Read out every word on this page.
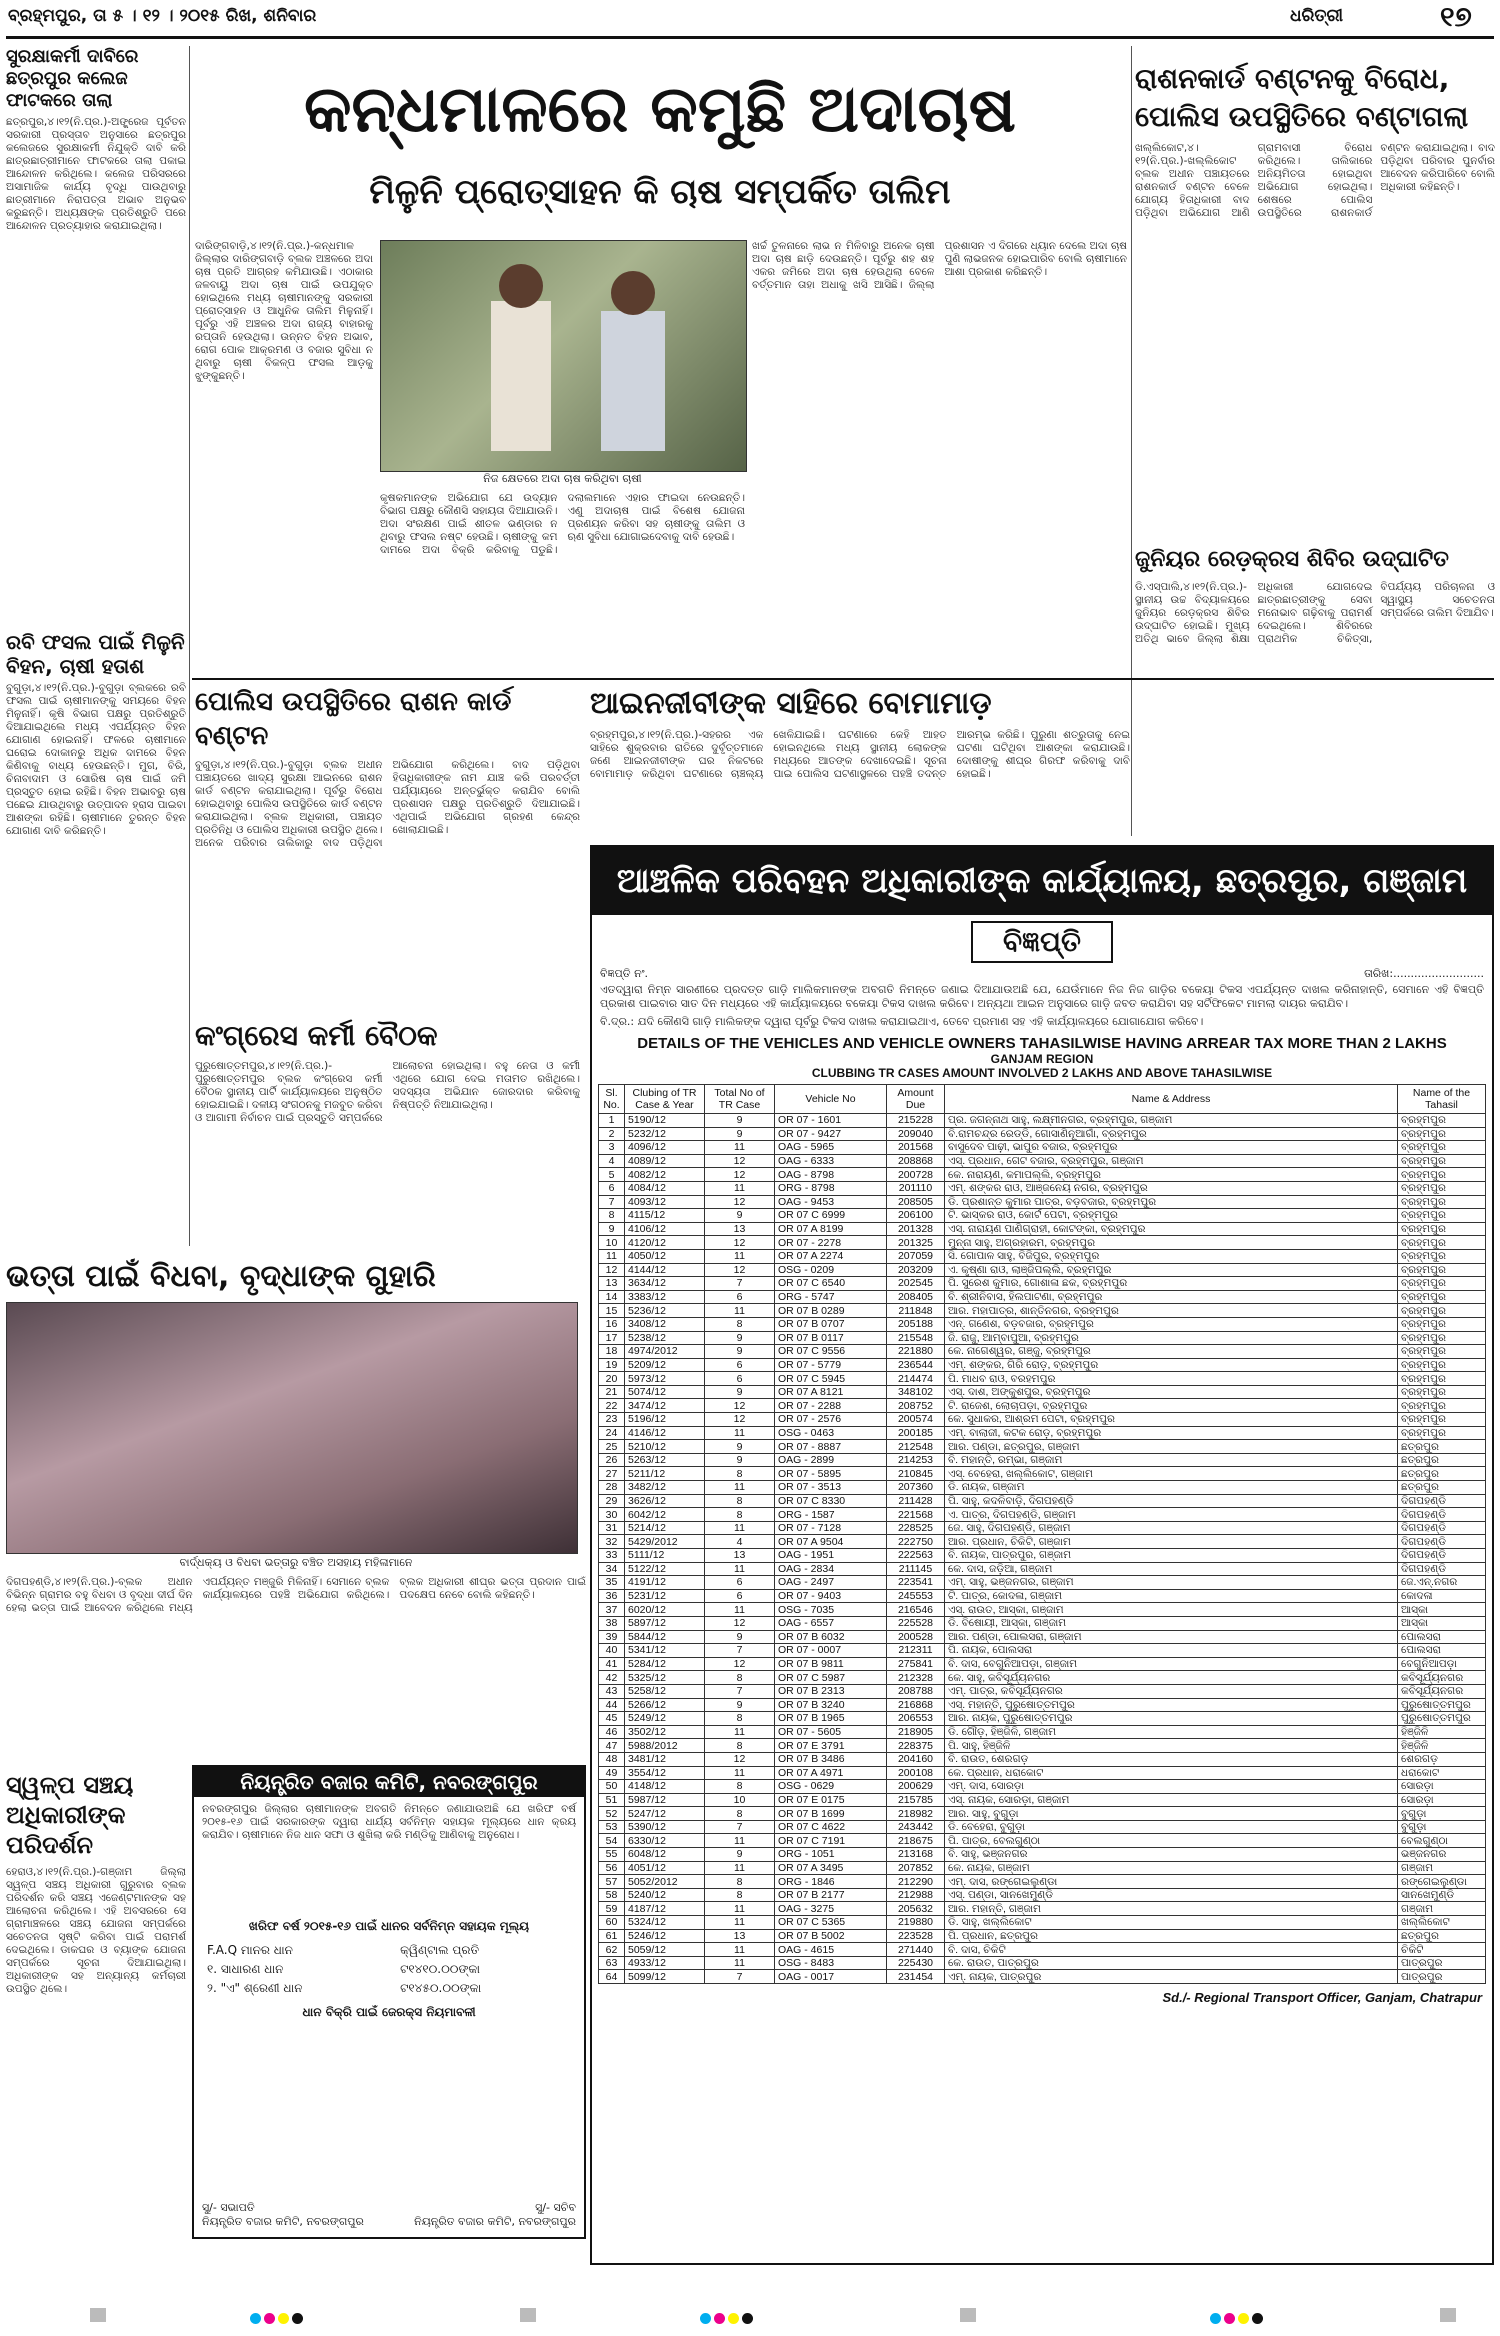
ବ୍ରହ୍ମପୁର, ତା ୫ । ୧୨ । ୨୦୧୫ ରିଖ, ଶନିବାର	ଧରିତ୍ରୀ	୧୭
ସୁରକ୍ଷାକର୍ମୀ ଦାବିରେ ଛତ୍ରପୁର କଲେଜ ଫାଟକରେ ତାଲା
ଛତ୍ରପୁର,୪।୧୨(ନି.ପ୍ର.)-ଅଙ୍ଗ୍ରେଜ ପୂର୍ବତନ ସରକାରୀ ପ୍ରସ୍ତାବ ଅନୁସାରେ ଛତ୍ରପୁର କଲେଜରେ ସୁରକ୍ଷାକର୍ମୀ ନିଯୁକ୍ତି ଦାବି କରି ଛାତ୍ରଛାତ୍ରୀମାନେ ଫାଟକରେ ତାଲା ପକାଇ ଆନ୍ଦୋଳନ କରିଥିଲେ। କଲେଜ ପରିସରରେ ଅସାମାଜିକ କାର୍ଯ୍ୟ ବୃଦ୍ଧି ପାଉଥିବାରୁ ଛାତ୍ରୀମାନେ ନିରାପତ୍ତା ଅଭାବ ଅନୁଭବ କରୁଛନ୍ତି। ଅଧ୍ୟକ୍ଷଙ୍କ ପ୍ରତିଶ୍ରୁତି ପରେ ଆନ୍ଦୋଳନ ପ୍ରତ୍ୟାହାର କରାଯାଇଥିଲା।
ରବି ଫସଲ ପାଇଁ ମିଳୁନି ବିହନ, ଚାଷୀ ହତାଶ
ବୁଗୁଡ଼ା,୪।୧୨(ନି.ପ୍ର.)-ବୁଗୁଡ଼ା ବ୍ଲକରେ ରବି ଫସଲ ପାଇଁ ଚାଷୀମାନଙ୍କୁ ସମୟରେ ବିହନ ମିଳୁନାହିଁ। କୃଷି ବିଭାଗ ପକ୍ଷରୁ ପ୍ରତିଶ୍ରୁତି ଦିଆଯାଇଥିଲେ ମଧ୍ୟ ଏପର୍ଯ୍ୟନ୍ତ ବିହନ ଯୋଗାଣ ହୋଇନାହିଁ। ଫଳରେ ଚାଷୀମାନେ ଘରୋଇ ଦୋକାନରୁ ଅଧିକ ଦାମରେ ବିହନ କିଣିବାକୁ ବାଧ୍ୟ ହେଉଛନ୍ତି। ମୁଗ, ବିରି, ଚିନାବାଦାମ ଓ ସୋରିଷ ଚାଷ ପାଇଁ ଜମି ପ୍ରସ୍ତୁତ ହୋଇ ରହିଛି। ବିହନ ଅଭାବରୁ ଚାଷ ପଛେଇ ଯାଉଥିବାରୁ ଉତ୍ପାଦନ ହ୍ରାସ ପାଇବା ଆଶଙ୍କା ରହିଛି। ଚାଷୀମାନେ ତୁରନ୍ତ ବିହନ ଯୋଗାଣ ଦାବି କରିଛନ୍ତି।
ଭତ୍ତା ପାଇଁ ବିଧବା, ବୃଦ୍ଧାଙ୍କ ଗୁହାରି
ବାର୍ଦ୍ଧକ୍ୟ ଓ ବିଧବା ଭତ୍ତାରୁ ବଞ୍ଚିତ ଅସହାୟ ମହିଳାମାନେ
ଦିଗପହଣ୍ଡି,୪।୧୨(ନି.ପ୍ର.)-ବ୍ଲକ ଅଧୀନ ବିଭିନ୍ନ ଗ୍ରାମର ବହୁ ବିଧବା ଓ ବୃଦ୍ଧା ଦୀର୍ଘ ଦିନ ହେଲା ଭତ୍ତା ପାଇଁ ଆବେଦନ କରିଥିଲେ ମଧ୍ୟ ଏପର୍ଯ୍ୟନ୍ତ ମଞ୍ଜୁରି ମିଳିନାହିଁ। ସେମାନେ ବ୍ଲକ କାର୍ଯ୍ୟାଳୟରେ ପହଞ୍ଚି ଅଭିଯୋଗ କରିଥିଲେ। ବ୍ଲକ ଅଧିକାରୀ ଶୀଘ୍ର ଭତ୍ତା ପ୍ରଦାନ ପାଇଁ ପଦକ୍ଷେପ ନେବେ ବୋଲି କହିଛନ୍ତି।
ସ୍ୱଳ୍ପ ସଞ୍ଚୟ ଅଧିକାରୀଙ୍କ ପରିଦର୍ଶନ
ହେରାଓ,୪।୧୨(ନି.ପ୍ର.)-ଗଞ୍ଜାମ ଜିଲ୍ଲା ସ୍ୱଳ୍ପ ସଞ୍ଚୟ ଅଧିକାରୀ ଗୁରୁବାର ବ୍ଲକ ପରିଦର୍ଶନ କରି ସଞ୍ଚୟ ଏଜେଣ୍ଟମାନଙ୍କ ସହ ଆଲୋଚନା କରିଥିଲେ। ଏହି ଅବସରରେ ସେ ଗ୍ରାମାଞ୍ଚଳରେ ସଞ୍ଚୟ ଯୋଜନା ସମ୍ପର୍କରେ ସଚେତନତା ସୃଷ୍ଟି କରିବା ପାଇଁ ପରାମର୍ଶ ଦେଇଥିଲେ। ଡାକଘର ଓ ବ୍ୟାଙ୍କ ଯୋଜନା ସମ୍ପର୍କରେ ସୂଚନା ଦିଆଯାଇଥିଲା। ଅଧିକାରୀଙ୍କ ସହ ଅନ୍ୟାନ୍ୟ କର୍ମଚାରୀ ଉପସ୍ଥିତ ଥିଲେ।
ନିୟନ୍ତ୍ରିତ ବଜାର କମିଟି, ନବରଙ୍ଗପୁର
ନବରଙ୍ଗପୁର ଜିଲ୍ଲାର ଚାଷୀମାନଙ୍କ ଅବଗତି ନିମନ୍ତେ ଜଣାଯାଉଅଛି ଯେ ଖରିଫ ବର୍ଷ ୨୦୧୫-୧୬ ପାଇଁ ସରକାରଙ୍କ ଦ୍ୱାରା ଧାର୍ଯ୍ୟ ସର୍ବନିମ୍ନ ସହାୟକ ମୂଲ୍ୟରେ ଧାନ କ୍ରୟ କରାଯିବ। ଚାଷୀମାନେ ନିଜ ଧାନ ସଫା ଓ ଶୁଖିଲା କରି ମଣ୍ଡିକୁ ଆଣିବାକୁ ଅନୁରୋଧ।
ଖରିଫ ବର୍ଷ ୨୦୧୫-୧୬ ପାଇଁ ଧାନର ସର୍ବନିମ୍ନ ସହାୟକ ମୂଲ୍ୟ
F.A.Q ମାନର ଧାନ	କ୍ୱିଣ୍ଟାଲ ପ୍ରତି
୧. ସାଧାରଣ ଧାନ	ଟ୧୪୧୦.୦୦ଙ୍କା
୨. "ଏ" ଶ୍ରେଣୀ ଧାନ	ଟ୧୪୫୦.୦୦ଙ୍କା
ଧାନ ବିକ୍ରି ପାଇଁ ଜେରକ୍ସ ନିୟମାବଳୀ
ସୁ/- ସଭାପତି
ନିୟନ୍ତ୍ରିତ ବଜାର କମିଟି, ନବରଙ୍ଗପୁର
ସୁ/- ସଚିବ
ନିୟନ୍ତ୍ରିତ ବଜାର କମିଟି, ନବରଙ୍ଗପୁର
କନ୍ଧମାଳରେ କମୁଛି ଅଦାଚାଷ
ମିଳୁନି ପ୍ରୋତ୍ସାହନ କି ଚାଷ ସମ୍ପର୍କିତ ତାଲିମ
ନିଜ କ୍ଷେତରେ ଅଦା ଚାଷ କରିଥିବା ଚାଷୀ
ଦାରିଙ୍ଗବାଡ଼ି,୪।୧୨(ନି.ପ୍ର.)-କନ୍ଧମାଳ ଜିଲ୍ଲାର ଦାରିଙ୍ଗବାଡ଼ି ବ୍ଲକ ଅଞ୍ଚଳରେ ଅଦା ଚାଷ ପ୍ରତି ଆଗ୍ରହ କମିଯାଉଛି। ଏଠାକାର ଜଳବାୟୁ ଅଦା ଚାଷ ପାଇଁ ଉପଯୁକ୍ତ ହୋଇଥିଲେ ମଧ୍ୟ ଚାଷୀମାନଙ୍କୁ ସରକାରୀ ପ୍ରୋତ୍ସାହନ ଓ ଆଧୁନିକ ତାଲିମ ମିଳୁନାହିଁ। ପୂର୍ବରୁ ଏହି ଅଞ୍ଚଳର ଅଦା ରାଜ୍ୟ ବାହାରକୁ ରପ୍ତାନି ହେଉଥିଲା। ଉନ୍ନତ ବିହନ ଅଭାବ, ରୋଗ ପୋକ ଆକ୍ରମଣ ଓ ବଜାର ସୁବିଧା ନ ଥିବାରୁ ଚାଷୀ ବିକଳ୍ପ ଫସଲ ଆଡ଼କୁ ଝୁଙ୍କୁଛନ୍ତି।
କୃଷକମାନଙ୍କ ଅଭିଯୋଗ ଯେ ଉଦ୍ୟାନ ବିଭାଗ ପକ୍ଷରୁ କୌଣସି ସହାୟତା ଦିଆଯାଉନି। ଅଦା ସଂରକ୍ଷଣ ପାଇଁ ଶୀତଳ ଭଣ୍ଡାର ନ ଥିବାରୁ ଫସଲ ନଷ୍ଟ ହେଉଛି। ଚାଷୀଙ୍କୁ କମ ଦାମରେ ଅଦା ବିକ୍ରି କରିବାକୁ ପଡୁଛି। ଦଲାଲମାନେ ଏହାର ଫାଇଦା ନେଉଛନ୍ତି। ଏଣୁ ଅଦାଚାଷ ପାଇଁ ବିଶେଷ ଯୋଜନା ପ୍ରଣୟନ କରିବା ସହ ଚାଷୀଙ୍କୁ ତାଲିମ ଓ ଋଣ ସୁବିଧା ଯୋଗାଇଦେବାକୁ ଦାବି ହେଉଛି।
ଖର୍ଚ୍ଚ ତୁଳନାରେ ଲାଭ ନ ମିଳିବାରୁ ଅନେକ ଚାଷୀ ଅଦା ଚାଷ ଛାଡ଼ି ଦେଉଛନ୍ତି। ପୂର୍ବରୁ ଶହ ଶହ ଏକର ଜମିରେ ଅଦା ଚାଷ ହେଉଥିଲା ବେଳେ ବର୍ତ୍ତମାନ ତାହା ଅଧାକୁ ଖସି ଆସିଛି। ଜିଲ୍ଲା ପ୍ରଶାସନ ଏ ଦିଗରେ ଧ୍ୟାନ ଦେଲେ ଅଦା ଚାଷ ପୁଣି ଲାଭଜନକ ହୋଇପାରିବ ବୋଲି ଚାଷୀମାନେ ଆଶା ପ୍ରକାଶ କରିଛନ୍ତି।
ରାଶନକାର୍ଡ ବଣ୍ଟନକୁ ବିରୋଧ, ପୋଲିସ ଉପସ୍ଥିତିରେ ବଣ୍ଟାଗଲା
ଖଲ୍ଲିକୋଟ,୪।୧୨(ନି.ପ୍ର.)-ଖଲ୍ଲିକୋଟ ବ୍ଲକ ଅଧୀନ ପଞ୍ଚାୟତରେ ରାଶନକାର୍ଡ ବଣ୍ଟନ ବେଳେ ଯୋଗ୍ୟ ହିତାଧିକାରୀ ବାଦ ପଡ଼ିଥିବା ଅଭିଯୋଗ ଆଣି ଗ୍ରାମବାସୀ ବିରୋଧ କରିଥିଲେ। ତାଲିକାରେ ଅନିୟମିତତା ହୋଇଥିବା ଅଭିଯୋଗ ହୋଇଥିଲା। ଶେଷରେ ପୋଲିସ ଉପସ୍ଥିତିରେ ରାଶନକାର୍ଡ ବଣ୍ଟନ କରାଯାଇଥିଲା। ବାଦ ପଡ଼ିଥିବା ପରିବାର ପୁନର୍ବାର ଆବେଦନ କରିପାରିବେ ବୋଲି ଅଧିକାରୀ କହିଛନ୍ତି।
ଜୁନିୟର ରେଡ଼କ୍ରସ ଶିବିର ଉଦ୍‌ଘାଟିତ
ଡି.ଏସ୍‌ପାଲି,୪।୧୨(ନି.ପ୍ର.)-ସ୍ଥାନୀୟ ଉଚ୍ଚ ବିଦ୍ୟାଳୟରେ ଜୁନିୟର ରେଡ଼କ୍ରସ ଶିବିର ଉଦ୍‌ଘାଟିତ ହୋଇଛି। ମୁଖ୍ୟ ଅତିଥି ଭାବେ ଜିଲ୍ଲା ଶିକ୍ଷା ଅଧିକାରୀ ଯୋଗଦେଇ ଛାତ୍ରଛାତ୍ରୀଙ୍କୁ ସେବା ମନୋଭାବ ଗଢ଼ିବାକୁ ପରାମର୍ଶ ଦେଇଥିଲେ। ଶିବିରରେ ପ୍ରାଥମିକ ଚିକିତ୍ସା, ବିପର୍ଯ୍ୟୟ ପରିଚାଳନା ଓ ସ୍ୱାସ୍ଥ୍ୟ ସଚେତନତା ସମ୍ପର୍କରେ ତାଲିମ ଦିଆଯିବ।
ପୋଲିସ ଉପସ୍ଥିତିରେ ରାଶନ କାର୍ଡ ବଣ୍ଟନ
ବୁଗୁଡ଼ା,୪।୧୨(ନି.ପ୍ର.)-ବୁଗୁଡ଼ା ବ୍ଲକ ଅଧୀନ ପଞ୍ଚାୟତରେ ଖାଦ୍ୟ ସୁରକ୍ଷା ଆଇନରେ ରାଶନ କାର୍ଡ ବଣ୍ଟନ କରାଯାଇଥିଲା। ପୂର୍ବରୁ ବିରୋଧ ହୋଇଥିବାରୁ ପୋଲିସ ଉପସ୍ଥିତିରେ କାର୍ଡ ବଣ୍ଟନ କରାଯାଇଥିଲା। ବ୍ଲକ ଅଧିକାରୀ, ପଞ୍ଚାୟତ ପ୍ରତିନିଧି ଓ ପୋଲିସ ଅଧିକାରୀ ଉପସ୍ଥିତ ଥିଲେ। ଅନେକ ପରିବାର ତାଲିକାରୁ ବାଦ ପଡ଼ିଥିବା ଅଭିଯୋଗ କରିଥିଲେ। ବାଦ ପଡ଼ିଥିବା ହିତାଧିକାରୀଙ୍କ ନାମ ଯାଞ୍ଚ କରି ପରବର୍ତ୍ତୀ ପର୍ଯ୍ୟାୟରେ ଅନ୍ତର୍ଭୁକ୍ତ କରାଯିବ ବୋଲି ପ୍ରଶାସନ ପକ୍ଷରୁ ପ୍ରତିଶ୍ରୁତି ଦିଆଯାଇଛି। ଏଥିପାଇଁ ଅଭିଯୋଗ ଗ୍ରହଣ କେନ୍ଦ୍ର ଖୋଲାଯାଇଛି।
ଆଇନଜୀବୀଙ୍କ ସାହିରେ ବୋମାମାଡ଼
ବ୍ରହ୍ମପୁର,୪।୧୨(ନି.ପ୍ର.)-ସହରର ଏକ ସାହିରେ ଶୁକ୍ରବାର ରାତିରେ ଦୁର୍ବୃତ୍ତମାନେ ଜଣେ ଆଇନଜୀବୀଙ୍କ ଘର ନିକଟରେ ବୋମାମାଡ଼ କରିଥିବା ଘଟଣାରେ ଚାଞ୍ଚଲ୍ୟ ଖେଳିଯାଇଛି। ଘଟଣାରେ କେହି ଆହତ ହୋଇନଥିଲେ ମଧ୍ୟ ସ୍ଥାନୀୟ ଲୋକଙ୍କ ମଧ୍ୟରେ ଆତଙ୍କ ଦେଖାଦେଇଛି। ସୂଚନା ପାଇ ପୋଲିସ ଘଟଣାସ୍ଥଳରେ ପହଞ୍ଚି ତଦନ୍ତ ଆରମ୍ଭ କରିଛି। ପୁରୁଣା ଶତ୍ରୁତାକୁ ନେଇ ଘଟଣା ଘଟିଥିବା ଆଶଙ୍କା କରାଯାଉଛି। ଦୋଷୀଙ୍କୁ ଶୀଘ୍ର ଗିରଫ କରିବାକୁ ଦାବି ହୋଇଛି।
କଂଗ୍ରେସ କର୍ମୀ ବୈଠକ
ପୁରୁଷୋତ୍ତମପୁର,୪।୧୨(ନି.ପ୍ର.)-ପୁରୁଷୋତ୍ତମପୁର ବ୍ଲକ କଂଗ୍ରେସ କର୍ମୀ ବୈଠକ ସ୍ଥାନୀୟ ପାର୍ଟି କାର୍ଯ୍ୟାଳୟରେ ଅନୁଷ୍ଠିତ ହୋଇଯାଇଛି। ଦଳୀୟ ସଂଗଠନକୁ ମଜବୁତ କରିବା ଓ ଆଗାମୀ ନିର୍ବାଚନ ପାଇଁ ପ୍ରସ୍ତୁତି ସମ୍ପର୍କରେ ଆଲୋଚନା ହୋଇଥିଲା। ବହୁ ନେତା ଓ କର୍ମୀ ଏଥିରେ ଯୋଗ ଦେଇ ମତାମତ ରଖିଥିଲେ। ସଦସ୍ୟତା ଅଭିଯାନ ଜୋରଦାର କରିବାକୁ ନିଷ୍ପତ୍ତି ନିଆଯାଇଥିଲା।
ଆଞ୍ଚଳିକ ପରିବହନ ଅଧିକାରୀଙ୍କ କାର୍ଯ୍ୟାଳୟ, ଛତ୍ରପୁର, ଗଞ୍ଜାମ
ବିଜ୍ଞପ୍ତି
ବିଜ୍ଞପ୍ତି ନଂ.	ତାରିଖ:..........................
ଏତଦ୍ୱାରା ନିମ୍ନ ସାରଣୀରେ ପ୍ରଦତ୍ତ ଗାଡ଼ି ମାଲିକମାନଙ୍କ ଅବଗତି ନିମନ୍ତେ ଜଣାଇ ଦିଆଯାଉଅଛି ଯେ, ଯେଉଁମାନେ ନିଜ ନିଜ ଗାଡ଼ିର ବକେୟା ଟିକସ ଏପର୍ଯ୍ୟନ୍ତ ଦାଖଲ କରିନାହାନ୍ତି, ସେମାନେ ଏହି ବିଜ୍ଞପ୍ତି ପ୍ରକାଶ ପାଇବାର ସାତ ଦିନ ମଧ୍ୟରେ ଏହି କାର୍ଯ୍ୟାଳୟରେ ବକେୟା ଟିକସ ଦାଖଲ କରିବେ। ଅନ୍ୟଥା ଆଇନ ଅନୁସାରେ ଗାଡ଼ି ଜବତ କରାଯିବା ସହ ସର୍ଟିଫିକେଟ ମାମଲା ଦାୟର କରାଯିବ।
ବି.ଦ୍ର.: ଯଦି କୌଣସି ଗାଡ଼ି ମାଲିକଙ୍କ ଦ୍ୱାରା ପୂର୍ବରୁ ଟିକସ ଦାଖଲ କରାଯାଇଥାଏ, ତେବେ ପ୍ରମାଣ ସହ ଏହି କାର୍ଯ୍ୟାଳୟରେ ଯୋଗାଯୋଗ କରିବେ।
DETAILS OF THE VEHICLES AND VEHICLE OWNERS TAHASILWISE HAVING ARREAR TAX MORE THAN 2 LAKHS
GANJAM REGION
CLUBBING TR CASES AMOUNT INVOLVED 2 LAKHS AND ABOVE TAHASILWISE
Sl. No.	Clubing of TR Case & Year	Total No of TR Case	Vehicle No	Amount Due	Name & Address	Name of the Tahasil
1	5190/12	9	OR 07 - 1601	215228	ପ୍ର. ଜଗନ୍ନାଥ ସାହୁ, ଲକ୍ଷ୍ମୀନଗର, ବ୍ରହ୍ମପୁର, ଗଞ୍ଜାମ	ବ୍ରହ୍ମପୁର
2	5232/12	9	OR 07 - 9427	209040	ବି.ରାମଚନ୍ଦ୍ର ରେଡ୍ଡି, ଗୋସାଣିନୂଆଗାଁ, ବ୍ରହ୍ମପୁର	ବ୍ରହ୍ମପୁର
3	4096/12	11	OAG - 5965	201568	ବାସୁଦେବ ପାଢ଼ୀ, ଭାପୁର ବଜାର, ବ୍ରହ୍ମପୁର	ବ୍ରହ୍ମପୁର
4	4089/12	12	OAG - 6333	208868	ଏସ୍. ପ୍ରଧାନ, ଗେଟ ବଜାର, ବ୍ରହ୍ମପୁର, ଗଞ୍ଜାମ	ବ୍ରହ୍ମପୁର
5	4082/12	12	OAG - 8798	200728	କେ. ନାରାୟଣ, କମାପଲ୍ଲି, ବ୍ରହ୍ମପୁର	ବ୍ରହ୍ମପୁର
6	4084/12	11	ORG - 8798	201110	ଏମ୍. ଶଙ୍କର ରାଓ, ଆଞ୍ଜନେୟ ନଗର, ବ୍ରହ୍ମପୁର	ବ୍ରହ୍ମପୁର
7	4093/12	12	OAG - 9453	208505	ଡି. ପ୍ରଶାନ୍ତ କୁମାର ପାତ୍ର, ବଡ଼ବଜାର, ବ୍ରହ୍ମପୁର	ବ୍ରହ୍ମପୁର
8	4115/12	9	OR 07 C 6999	206100	ଟି. ଭାସ୍କର ରାଓ, କୋର୍ଟ ପେଟା, ବ୍ରହ୍ମପୁର	ବ୍ରହ୍ମପୁର
9	4106/12	13	OR 07 A 8199	201328	ଏସ୍. ନାରାୟଣ ପାଣିଗ୍ରାହୀ, କୋଟଙ୍କା, ବ୍ରହ୍ମପୁର	ବ୍ରହ୍ମପୁର
10	4120/12	12	OR 07 - 2278	201325	ମୁନ୍ନା ସାହୁ, ଅଗ୍ରହାରମ, ବ୍ରହ୍ମପୁର	ବ୍ରହ୍ମପୁର
11	4050/12	11	OR 07 A 2274	207059	ସି. ଗୋପାଳ ସାହୁ, ବିଜିପୁର, ବ୍ରହ୍ମପୁର	ବ୍ରହ୍ମପୁର
12	4144/12	12	OSG - 0209	203209	ଏ. କୃଷ୍ଣା ରାଓ, ଲାଞ୍ଜିପଲ୍ଲି, ବ୍ରହ୍ମପୁର	ବ୍ରହ୍ମପୁର
13	3634/12	7	OR 07 C 6540	202545	ପି. ସୁରେଶ କୁମାର, ଗୋଶାଳା ଛକ, ବ୍ରହ୍ମପୁର	ବ୍ରହ୍ମପୁର
14	3383/12	6	ORG - 5747	208405	ବି. ଶ୍ରୀନିବାସ, ହିଲପାଟଣା, ବ୍ରହ୍ମପୁର	ବ୍ରହ୍ମପୁର
15	5236/12	11	OR 07 B 0289	211848	ଆର. ମହାପାତ୍ର, ଶାନ୍ତିନଗର, ବ୍ରହ୍ମପୁର	ବ୍ରହ୍ମପୁର
16	3408/12	8	OR 07 B 0707	205188	ଏନ୍. ଗଣେଶ, ବଡ଼ବଜାର, ବ୍ରହ୍ମପୁର	ବ୍ରହ୍ମପୁର
17	5238/12	9	OR 07 B 0117	215548	ଜି. ରାଜୁ, ଆମ୍ବାପୁଆ, ବ୍ରହ୍ମପୁର	ବ୍ରହ୍ମପୁର
18	4974/2012	9	OR 07 C 9556	221880	କେ. ନାଗେଶ୍ୱର, ଗଞ୍ଜୁ, ବ୍ରହ୍ମପୁର	ବ୍ରହ୍ମପୁର
19	5209/12	6	OR 07 - 5779	236544	ଏମ୍. ଶଙ୍କର, ଗିରି ରୋଡ଼, ବ୍ରହ୍ମପୁର	ବ୍ରହ୍ମପୁର
20	5973/12	6	OR 07 C 5945	214474	ପି. ମାଧବ ରାଓ, ବରହମପୁର	ବ୍ରହ୍ମପୁର
21	5074/12	9	OR 07 A 8121	348102	ଏସ୍. ଦାଶ, ଅଙ୍କୁଶପୁର, ବ୍ରହ୍ମପୁର	ବ୍ରହ୍ମପୁର
22	3474/12	12	OR 07 - 2288	208752	ଟି. ରାଜେଶ, ଲୋଚାପଡ଼ା, ବ୍ରହ୍ମପୁର	ବ୍ରହ୍ମପୁର
23	5196/12	12	OR 07 - 2576	200574	କେ. ସୁଧାକର, ଆଶ୍ରମ ପେଟା, ବ୍ରହ୍ମପୁର	ବ୍ରହ୍ମପୁର
24	4146/12	11	OSG - 0463	200185	ଏମ୍. ବାଲାଜୀ, କଟକ ରୋଡ଼, ବ୍ରହ୍ମପୁର	ବ୍ରହ୍ମପୁର
25	5210/12	9	OR 07 - 8887	212548	ଆର. ପଣ୍ଡା, ଛତ୍ରପୁର, ଗଞ୍ଜାମ	ଛତ୍ରପୁର
26	5263/12	9	OAG - 2899	214253	ବି. ମହାନ୍ତି, ରମ୍ଭା, ଗଞ୍ଜାମ	ଛତ୍ରପୁର
27	5211/12	8	OR 07 - 5895	210845	ଏସ୍. ବେହେରା, ଖଲ୍ଲିକୋଟ, ଗଞ୍ଜାମ	ଛତ୍ରପୁର
28	3482/12	11	OR 07 - 3513	207360	ଡି. ନାୟକ, ଗଞ୍ଜାମ	ଛତ୍ରପୁର
29	3626/12	8	OR 07 C 8330	211428	ପି. ସାହୁ, କଦଳିବାଡ଼ି, ଦିଗପହଣ୍ଡି	ଦିଗପହଣ୍ଡି
30	6042/12	8	ORG - 1587	221568	ଏ. ପାତ୍ର, ଦିଗପହଣ୍ଡି, ଗଞ୍ଜାମ	ଦିଗପହଣ୍ଡି
31	5214/12	11	OR 07 - 7128	228525	ଜେ. ସାହୁ, ଦିଗପହଣ୍ଡି, ଗଞ୍ଜାମ	ଦିଗପହଣ୍ଡି
32	5429/2012	4	OR 07 A 9504	222750	ଆର. ପ୍ରଧାନ, ଚିକିଟି, ଗଞ୍ଜାମ	ଦିଗପହଣ୍ଡି
33	5111/12	13	OAG - 1951	222563	ବି. ନାୟକ, ପାତ୍ରପୁର, ଗଞ୍ଜାମ	ଦିଗପହଣ୍ଡି
34	5122/12	11	OAG - 2834	211145	କେ. ଦାସ, ଜଡ଼ିଆ, ଗଞ୍ଜାମ	ଦିଗପହଣ୍ଡି
35	4191/12	6	OAG - 2497	223541	ଏମ୍. ସାହୁ, ଭଞ୍ଜନଗର, ଗଞ୍ଜାମ	ଜେ.ଏନ୍.ନଗର
36	5231/12	6	OR 07 - 9403	245553	ଟି. ପାତ୍ର, କୋଦଳା, ଗଞ୍ଜାମ	କୋଦଳା
37	6020/12	11	OSG - 7035	216546	ଏସ୍. ରାଉତ, ଆସ୍କା, ଗଞ୍ଜାମ	ଆସ୍କା
38	5897/12	12	OAG - 6557	225528	ଡି. ବିଷୋୟୀ, ଆସ୍କା, ଗଞ୍ଜାମ	ଆସ୍କା
39	5844/12	9	OR 07 B 6032	200528	ଆର. ପଣ୍ଡା, ପୋଲସରା, ଗଞ୍ଜାମ	ପୋଲସରା
40	5341/12	7	OR 07 - 0007	212311	ପି. ନାୟକ, ପୋଲସରା	ପୋଲସରା
41	5284/12	12	OR 07 B 9811	275841	ବି. ଦାସ, ବେଗୁନିଆପଡ଼ା, ଗଞ୍ଜାମ	ବେଗୁନିଆପଡ଼ା
42	5325/12	8	OR 07 C 5987	212328	କେ. ସାହୁ, କବିସୂର୍ଯ୍ୟନଗର	କବିସୂର୍ଯ୍ୟନଗର
43	5258/12	7	OR 07 B 2313	208788	ଏମ୍. ପାତ୍ର, କବିସୂର୍ଯ୍ୟନଗର	କବିସୂର୍ଯ୍ୟନଗର
44	5266/12	9	OR 07 B 3240	216868	ଏସ୍. ମହାନ୍ତି, ପୁରୁଷୋତ୍ତମପୁର	ପୁରୁଷୋତ୍ତମପୁର
45	5249/12	8	OR 07 B 1965	206553	ଆର. ନାୟକ, ପୁରୁଷୋତ୍ତମପୁର	ପୁରୁଷୋତ୍ତମପୁର
46	3502/12	11	OR 07 - 5605	218905	ଡି. ଗୌଡ଼, ହିଞ୍ଜିଳି, ଗଞ୍ଜାମ	ହିଞ୍ଜିଳି
47	5988/2012	8	OR 07 E 3791	228375	ପି. ସାହୁ, ହିଞ୍ଜିଳି	ହିଞ୍ଜିଳି
48	3481/12	12	OR 07 B 3486	204160	ବି. ରାଉତ, ଶେରଗଡ଼	ଶେରଗଡ଼
49	3554/12	11	OR 07 A 4971	200108	କେ. ପ୍ରଧାନ, ଧରାକୋଟ	ଧରାକୋଟ
50	4148/12	8	OSG - 0629	200629	ଏମ୍. ଦାସ, ସୋରଡ଼ା	ସୋରଡ଼ା
51	5987/12	10	OR 07 E 0175	215785	ଏସ୍. ନାୟକ, ସୋରଡ଼ା, ଗଞ୍ଜାମ	ସୋରଡ଼ା
52	5247/12	8	OR 07 B 1699	218982	ଆର. ସାହୁ, ବୁଗୁଡ଼ା	ବୁଗୁଡ଼ା
53	5390/12	7	OR 07 C 4622	243442	ଡି. ବେହେରା, ବୁଗୁଡ଼ା	ବୁଗୁଡ଼ା
54	6330/12	11	OR 07 C 7191	218675	ପି. ପାତ୍ର, ବେଲଗୁଣ୍ଠା	ବେଲଗୁଣ୍ଠା
55	6048/12	9	ORG - 1051	213168	ବି. ସାହୁ, ଭଞ୍ଜନଗର	ଭଞ୍ଜନଗର
56	4051/12	11	OR 07 A 3495	207852	କେ. ନାୟକ, ଗଞ୍ଜାମ	ଗଞ୍ଜାମ
57	5052/2012	8	ORG - 1846	212290	ଏମ୍. ଦାସ, ରଙ୍ଗେଇଲୁଣ୍ଡା	ରଙ୍ଗେଇଲୁଣ୍ଡା
58	5240/12	8	OR 07 B 2177	212988	ଏସ୍. ପଣ୍ଡା, ସାନଖେମୁଣ୍ଡି	ସାନଖେମୁଣ୍ଡି
59	4187/12	11	OAG - 3275	205632	ଆର. ମହାନ୍ତି, ଗଞ୍ଜାମ	ଗଞ୍ଜାମ
60	5324/12	11	OR 07 C 5365	219880	ଡି. ସାହୁ, ଖଲ୍ଲିକୋଟ	ଖଲ୍ଲିକୋଟ
61	5246/12	13	OR 07 B 5002	223528	ପି. ପ୍ରଧାନ, ଛତ୍ରପୁର	ଛତ୍ରପୁର
62	5059/12	11	OAG - 4615	271440	ବି. ଦାସ, ଚିକିଟି	ଚିକିଟି
63	4933/12	11	OSG - 8483	225430	କେ. ରାଉତ, ପାତ୍ରପୁର	ପାତ୍ରପୁର
64	5099/12	7	OAG - 0017	231454	ଏମ୍. ନାୟକ, ପାତ୍ରପୁର	ପାତ୍ରପୁର
Sd./- Regional Transport Officer, Ganjam, Chatrapur
